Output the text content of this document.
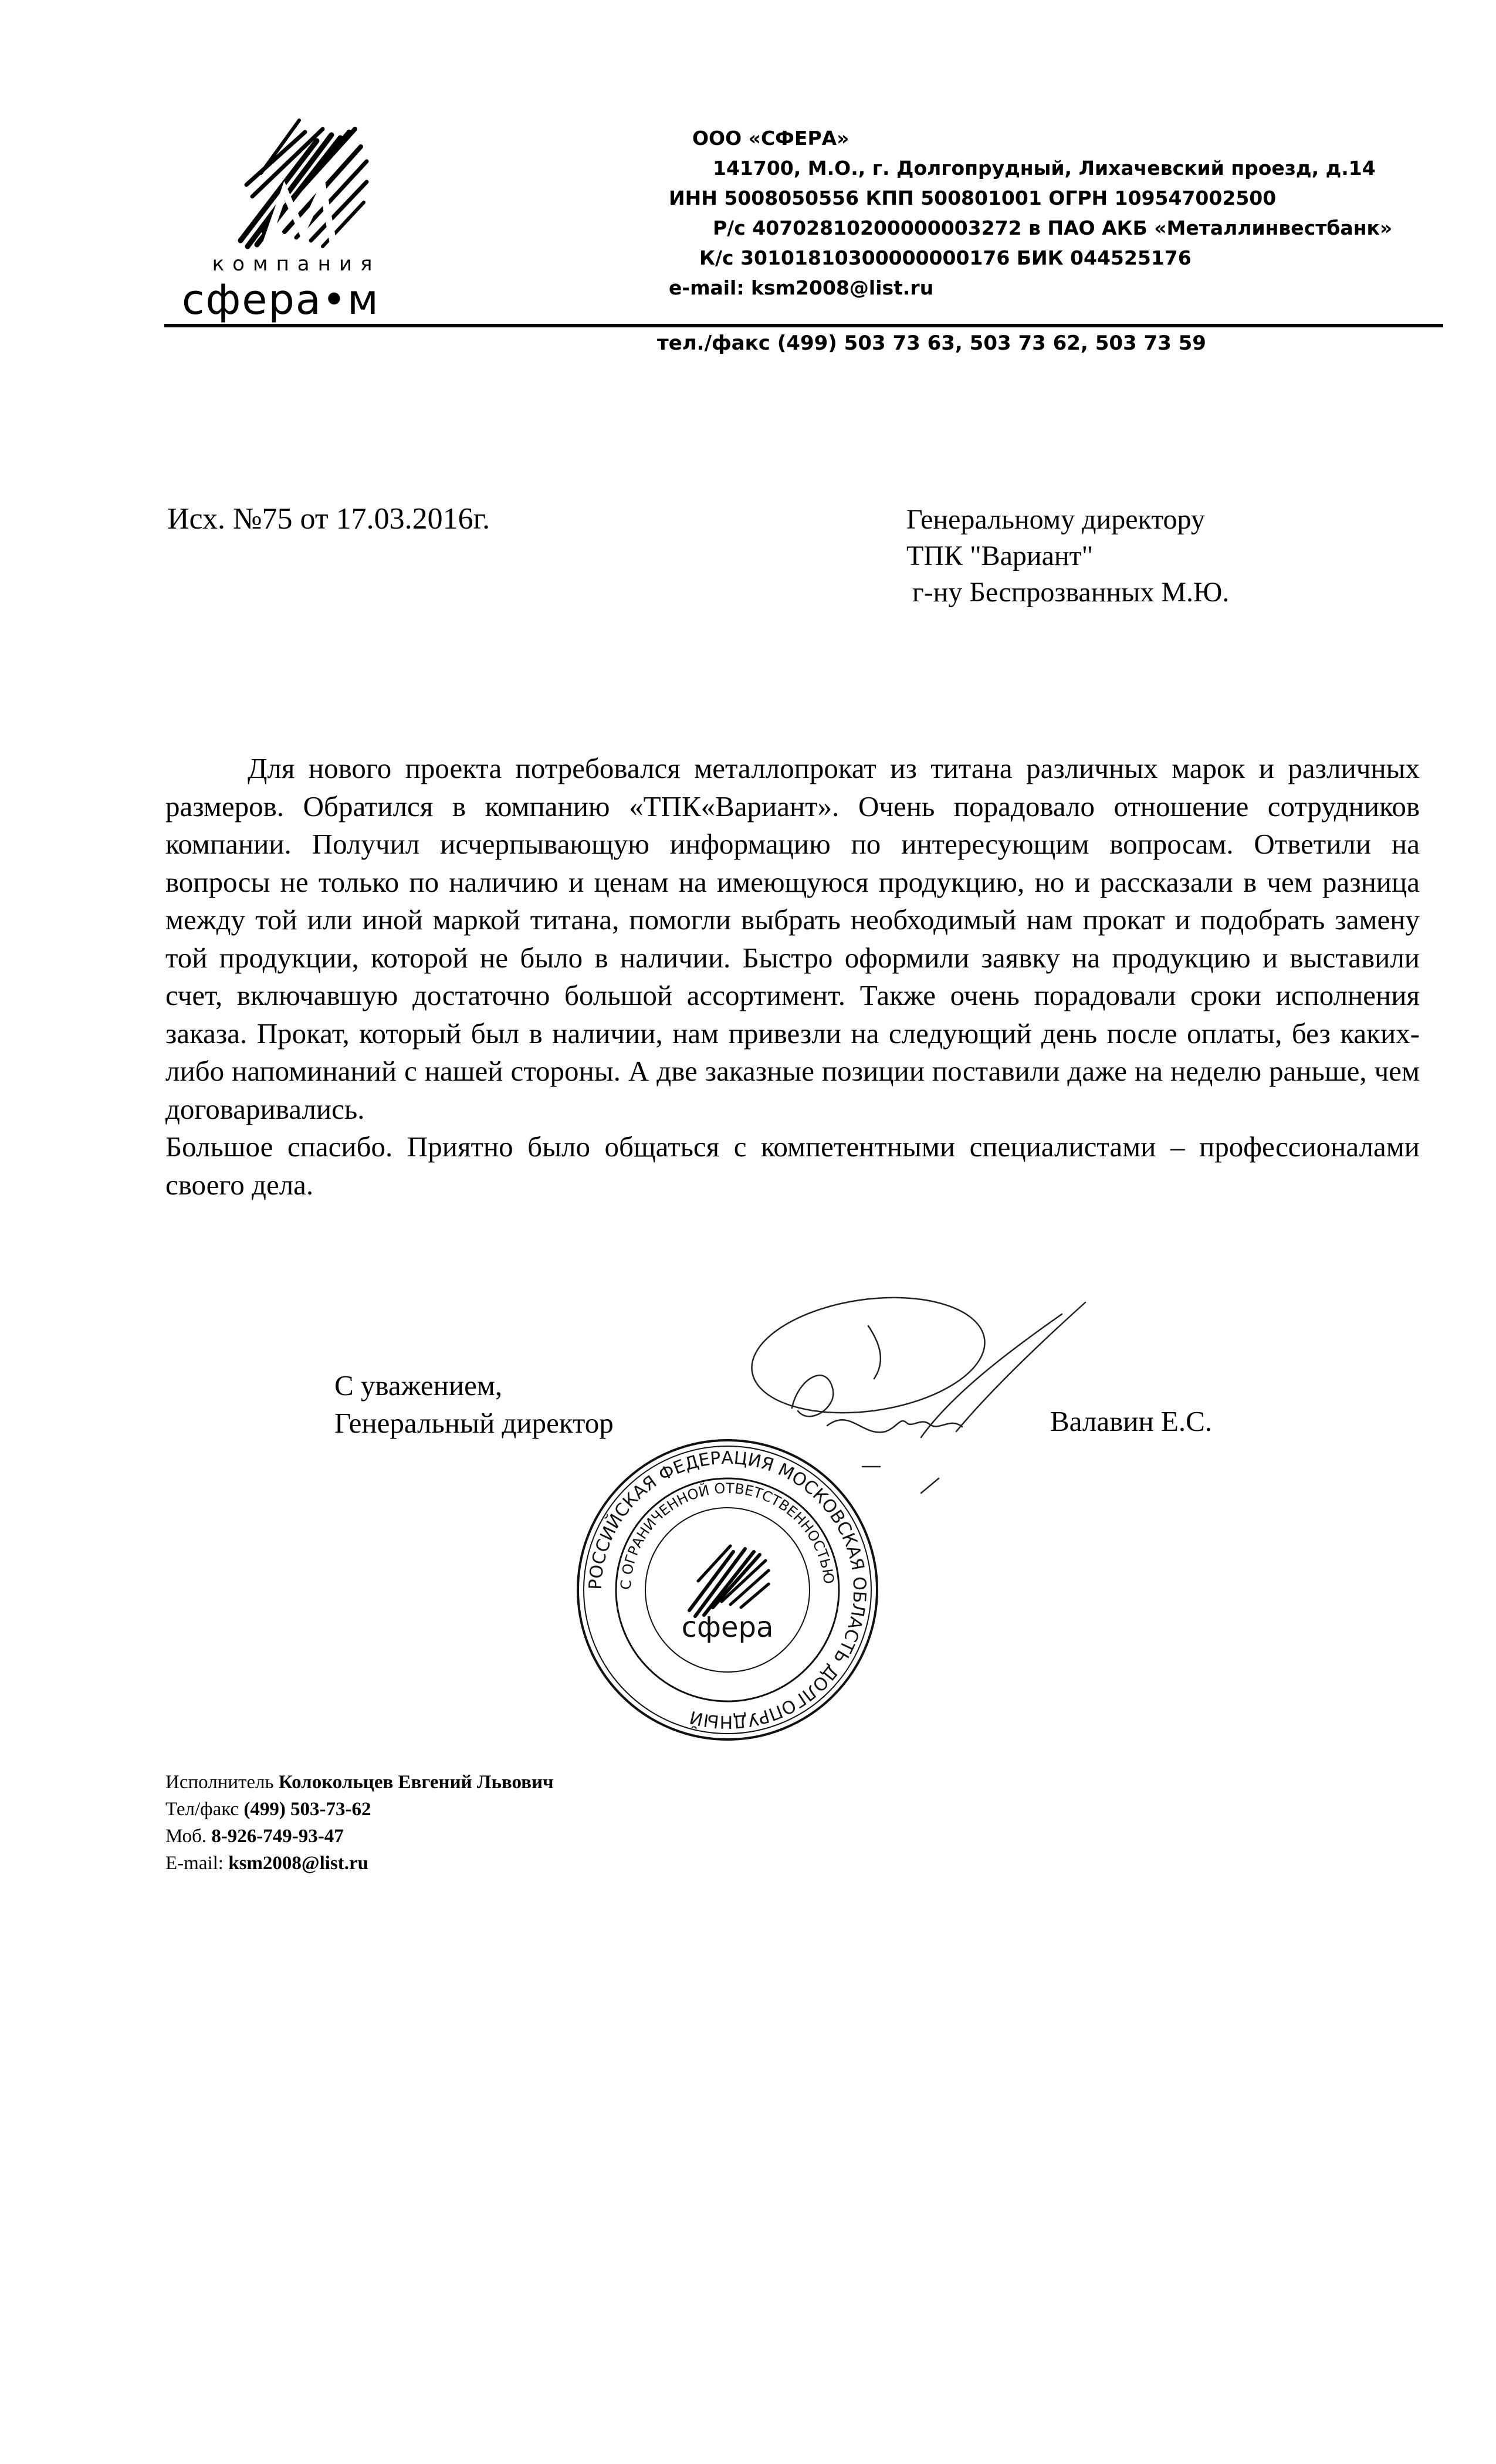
компания
сфера•м
ООО «СФЕРА»
141700, М.О., г. Долгопрудный, Лихачевский проезд, д.14
ИНН 5008050556 КПП 500801001 ОГРН 109547002500
Р/с 40702810200000003272 в ПАО АКБ «Металлинвестбанк»
К/с 30101810300000000176 БИК 044525176
e-mail: ksm2008@list.ru
тел./факс (499) 503 73 63, 503 73 62, 503 73 59
Исх. №75 от 17.03.2016г.	Генеральному директору
ТПК "Вариант"
г-ну Беспрозванных М.Ю.

Для нового проекта потребовался металлопрокат из титана различных марок и различных размеров. Обратился в компанию «ТПК«Вариант». Очень порадовало отношение сотрудников компании. Получил исчерпывающую информацию по интересующим вопросам. Ответили на вопросы не только по наличию и ценам на имеющуюся продукцию, но и рассказали в чем разница между той или иной маркой титана, помогли выбрать необходимый нам прокат и подобрать замену той продукции, которой не было в наличии. Быстро оформили заявку на продукцию и выставили счет, включавшую достаточно большой ассортимент. Также очень порадовали сроки исполнения заказа. Прокат, который был в наличии, нам привезли на следующий день после оплаты, без каких-либо напоминаний с нашей стороны. А две заказные позиции поставили даже на неделю раньше, чем договаривались.

Большое спасибо. Приятно было общаться с компетентными специалистами – профессионалами своего дела.

РОССИЙСКАЯ ФЕДЕРАЦИЯ МОСКОВСКАЯ ОБЛАСТЬ ДОЛГОПРУДНЫЙ
С ОГРАНИЧЕННОЙ ОТВЕТСТВЕННОСТЬЮ
сфера
С уважением,
Генеральный директор	Валавин Е.С.
Исполнитель Колокольцев Евгений Львович
Тел/факс (499) 503-73-62
Моб. 8-926-749-93-47
E-mail: ksm2008@list.ru
